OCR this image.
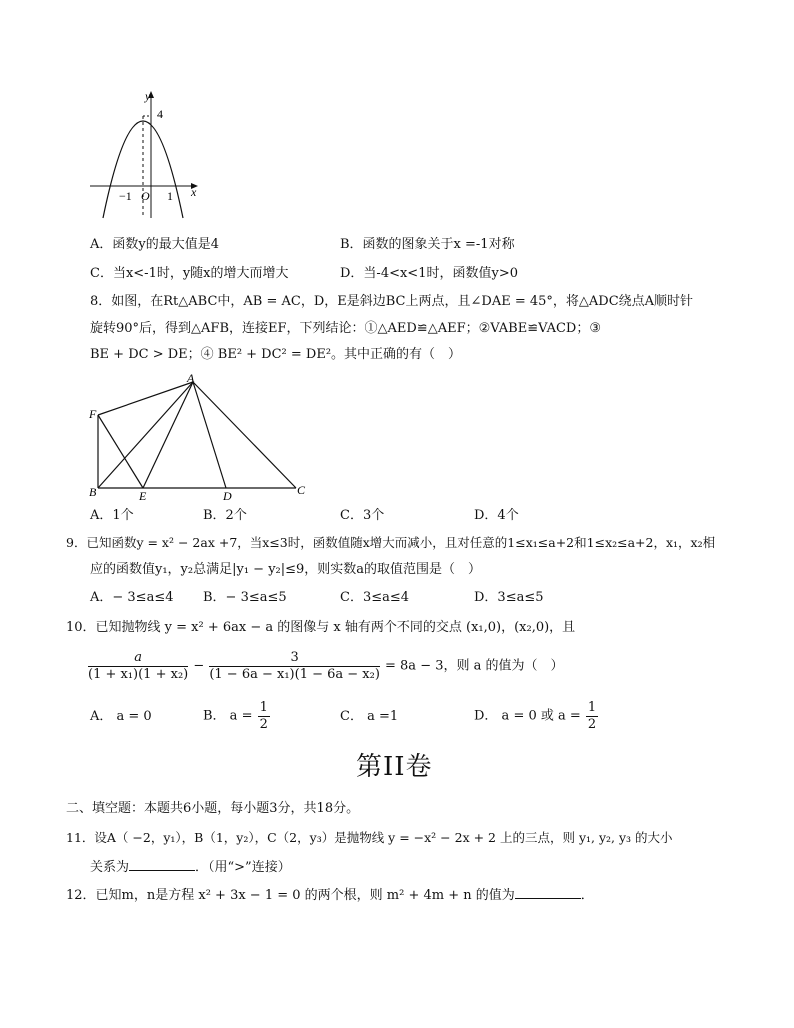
y
x
4
−1 O 1
A．函数y的最大值是4	B．函数的图象关于x =-1对称
C．当x<-1时，y随x的增大而增大	D．当-4<x<1时，函数值y>0
8．如图，在Rt△ABC中，AB = AC，D，E是斜边BC上两点，且∠DAE = 45°，将△ADC绕点A顺时针
旋转90°后，得到△AFB，连接EF，下列结论：①△AED≌△AEF；②VABE≌VACD；③
BE + DC > DE；④ BE² + DC² = DE²。其中正确的有（　）
A
F
B	E	D	C
A．1个	B．2个	C．3个	D．4个
9．已知函数y = x² − 2ax +7，当x≤3时，函数值随x增大而减小，且对任意的1≤x₁≤a+2和1≤x₂≤a+2，x₁，x₂相
应的函数值y₁，y₂总满足|y₁ − y₂|≤9，则实数a的取值范围是（　）
A．− 3≤a≤4 B．− 3≤a≤5	C．3≤a≤4	D．3≤a≤5
10．已知抛物线 y = x² + 6ax − a 的图像与 x 轴有两个不同的交点 (x₁,0)，(x₂,0)，且
$\frac{a}{\text{(1 + x₁)(1 + x₂)}} - \frac{3}{\text{(1 − 6a − x₁)(1 − 6a − x₂)}} = 8a - 3$，则 a 的值为（　）
A． a = 0	B． $a = \frac{1}{2}$	C． a =1	D． a = 0 或 $a = \frac{1}{2}$
第II卷
二、填空题：本题共6小题，每小题3分，共18分。
11．设A（ −2，y₁），B（1，y₂），C（2，y₃）是抛物线 y = −x² − 2x + 2 上的三点，则 y₁, y₂, y₃ 的大小
关系为	．（用“>”连接）
12．已知m，n是方程 x² + 3x − 1 = 0 的两个根，则 m² + 4m + n 的值为	．
